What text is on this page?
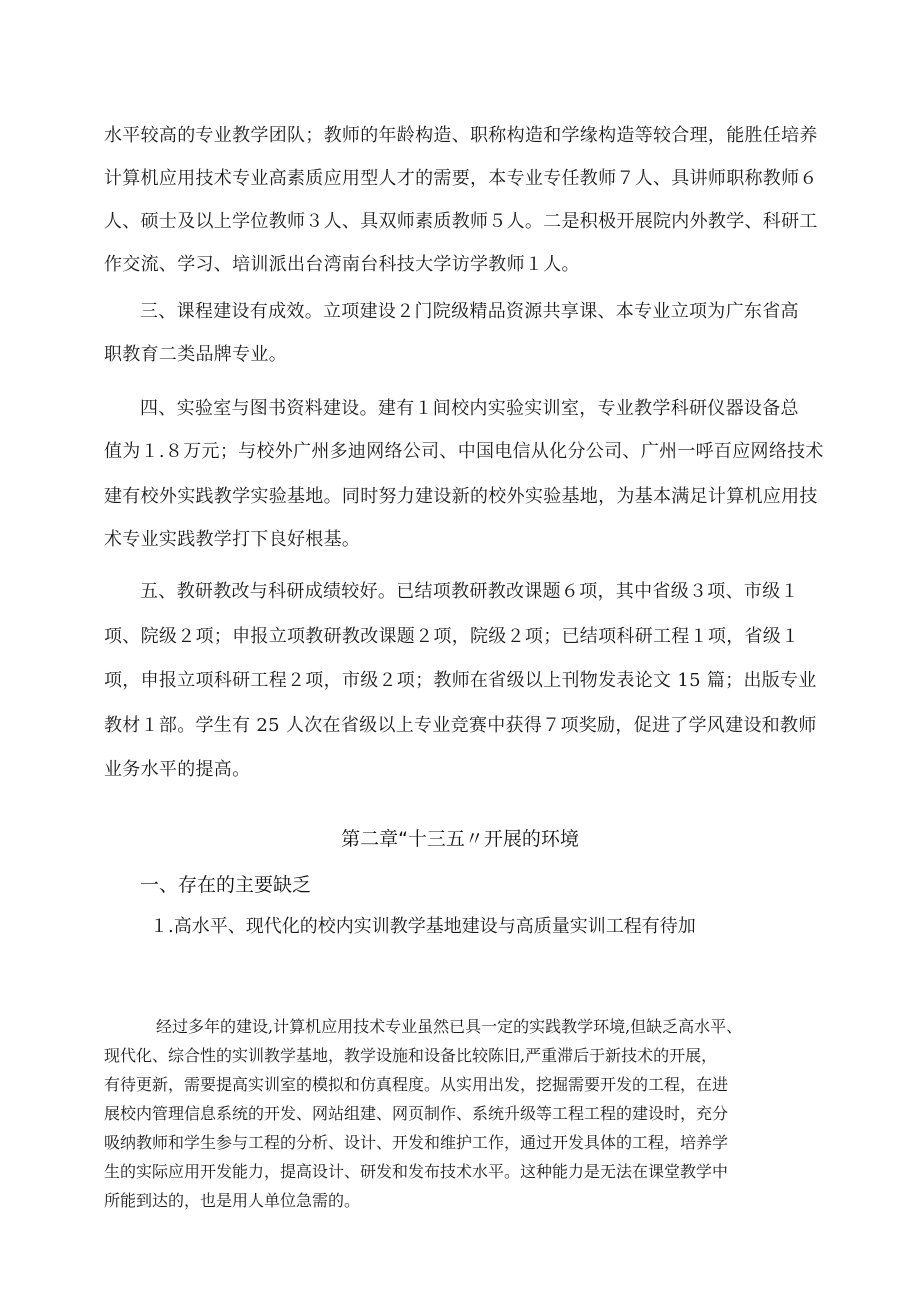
水平较高的专业教学团队；教师的年龄构造、职称构造和学缘构造等较合理，能胜任培养
计算机应用技术专业高素质应用型人才的需要，本专业专任教师７人、具讲师职称教师６
人、硕士及以上学位教师３人、具双师素质教师５人。二是积极开展院内外教学、科研工
作交流、学习、培训派出台湾南台科技大学访学教师１人。
三、课程建设有成效。立项建设２门院级精品资源共享课、本专业立项为广东省高
职教育二类品牌专业。
四、实验室与图书资料建设。建有１间校内实验实训室，专业教学科研仪器设备总
值为１.８万元；与校外广州多迪网络公司、中国电信从化分公司、广州一呼百应网络技术
建有校外实践教学实验基地。同时努力建设新的校外实验基地，为基本满足计算机应用技
术专业实践教学打下良好根基。
五、教研教改与科研成绩较好。已结项教研教改课题６项，其中省级３项、市级１
项、院级２项；申报立项教研教改课题２项，院级２项；已结项科研工程１项，省级１
项，申报立项科研工程２项，市级２项；教师在省级以上刊物发表论文 15 篇；出版专业
教材１部。学生有 25 人次在省级以上专业竞赛中获得７项奖励，促进了学风建设和教师
业务水平的提高。
第二章“十三五〃开展的环境
一、存在的主要缺乏
１.高水平、现代化的校内实训教学基地建设与高质量实训工程有待加
经过多年的建设,计算机应用技术专业虽然已具一定的实践教学环境,但缺乏高水平、
现代化、综合性的实训教学基地，教学设施和设备比较陈旧,严重滞后于新技术的开展，
有待更新，需要提高实训室的模拟和仿真程度。从实用出发，挖掘需要开发的工程，在进
展校内管理信息系统的开发、网站组建、网页制作、系统升级等工程工程的建设时，充分
吸纳教师和学生参与工程的分析、设计、开发和维护工作，通过开发具体的工程，培养学
生的实际应用开发能力，提高设计、研发和发布技术水平。这种能力是无法在课堂教学中
所能到达的，也是用人单位急需的。
